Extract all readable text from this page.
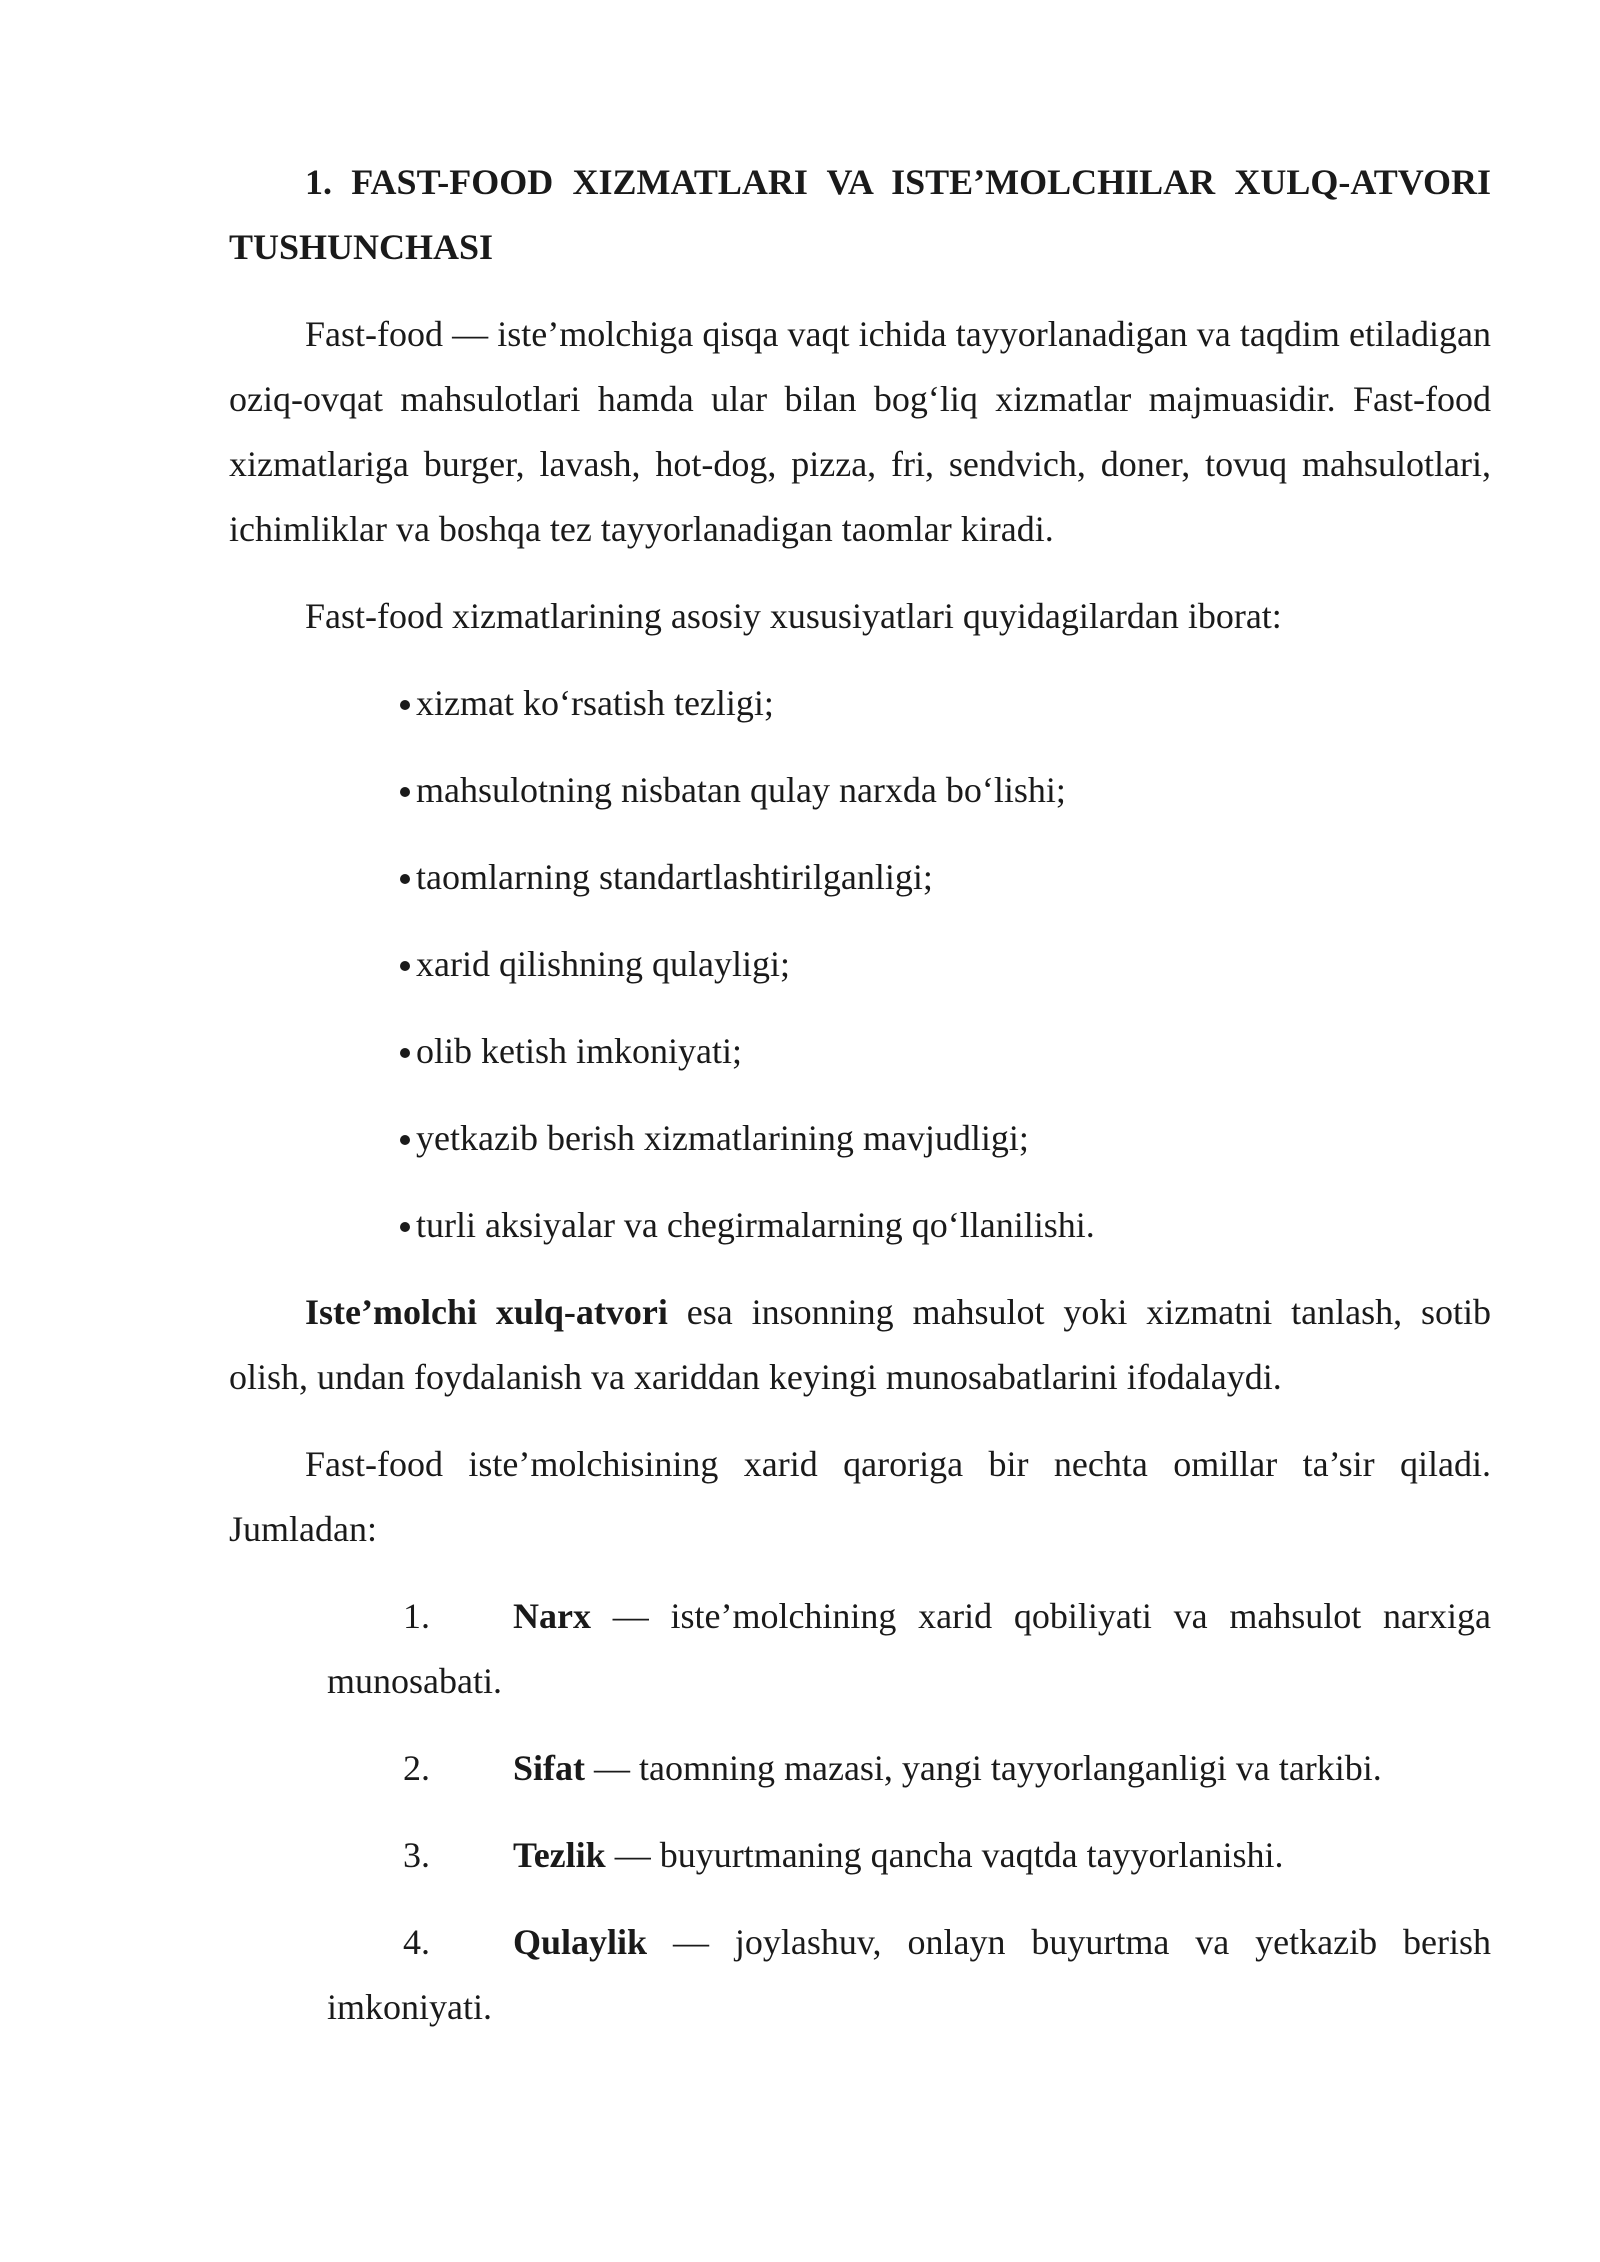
1. FAST-FOOD XIZMATLARI VA ISTE’MOLCHILAR XULQ-ATVORI TUSHUNCHASI

Fast-food — iste’molchiga qisqa vaqt ichida tayyorlanadigan va taqdim etiladigan oziq-ovqat mahsulotlari hamda ular bilan bog‘liq xizmatlar majmuasidir. Fast-food xizmatlariga burger, lavash, hot-dog, pizza, fri, sendvich, doner, tovuq mahsulotlari, ichimliklar va boshqa tez tayyorlanadigan taomlar kiradi.

Fast-food xizmatlarining asosiy xususiyatlari quyidagilardan iborat:

xizmat ko‘rsatish tezligi;
mahsulotning nisbatan qulay narxda bo‘lishi;
taomlarning standartlashtirilganligi;
xarid qilishning qulayligi;
olib ketish imkoniyati;
yetkazib berish xizmatlarining mavjudligi;
turli aksiyalar va chegirmalarning qo‘llanilishi.

Iste’molchi xulq-atvori esa insonning mahsulot yoki xizmatni tanlash, sotib olish, undan foydalanish va xariddan keyingi munosabatlarini ifodalaydi.

Fast-food iste’molchisining xarid qaroriga bir nechta omillar ta’sir qiladi. Jumladan:

1. Narx — iste’molchining xarid qobiliyati va mahsulot narxiga munosabati.
2. Sifat — taomning mazasi, yangi tayyorlanganligi va tarkibi.
3. Tezlik — buyurtmaning qancha vaqtda tayyorlanishi.
4. Qulaylik — joylashuv, onlayn buyurtma va yetkazib berish imkoniyati.
